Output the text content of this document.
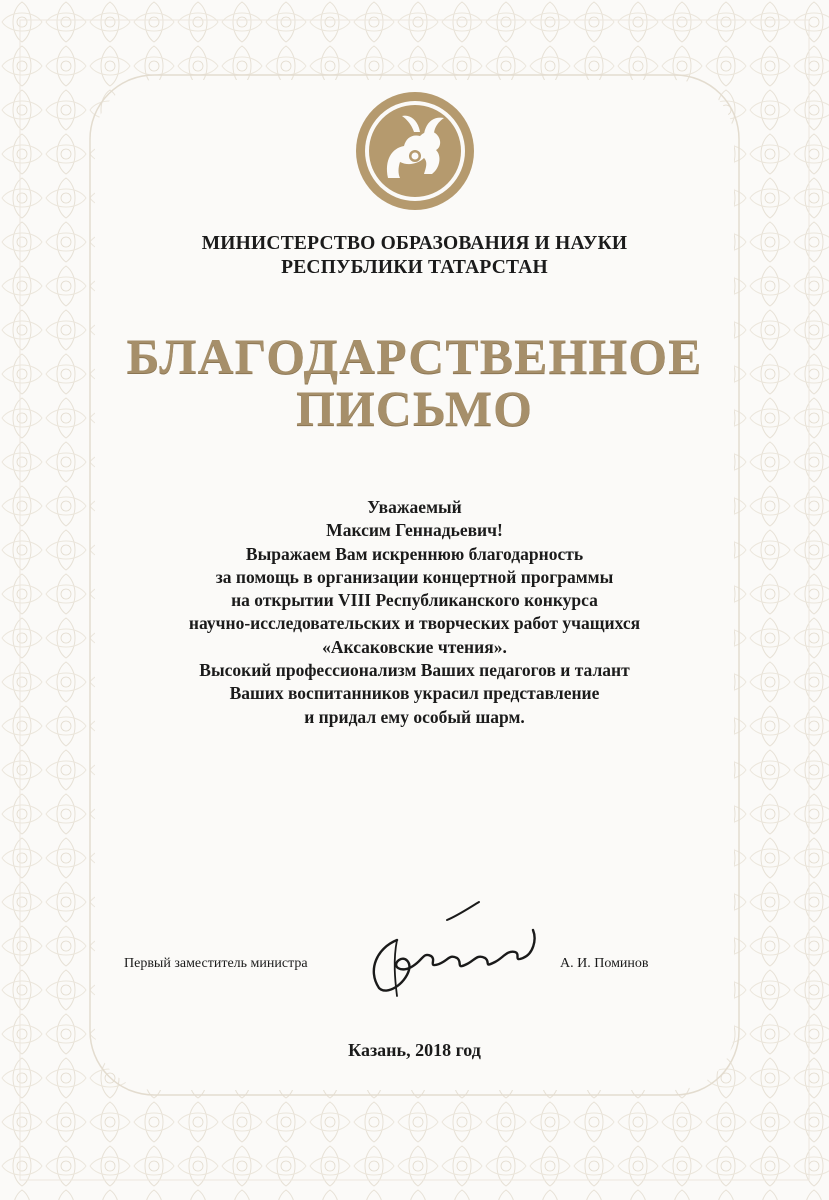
МИНИСТЕРСТВО ОБРАЗОВАНИЯ И НАУКИ
РЕСПУБЛИКИ ТАТАРСТАН
БЛАГОДАРСТВЕННОЕ
ПИСЬМО
Уважаемый
Максим Геннадьевич!
Выражаем Вам искреннюю благодарность
за помощь в организации концертной программы
на открытии VIII Республиканского конкурса
научно-исследовательских и творческих работ учащихся
«Аксаковские чтения».
Высокий профессионализм Ваших педагогов и талант
Ваших воспитанников украсил представление
и придал ему особый шарм.
Первый заместитель министра	А. И. Поминов
Казань, 2018 год
